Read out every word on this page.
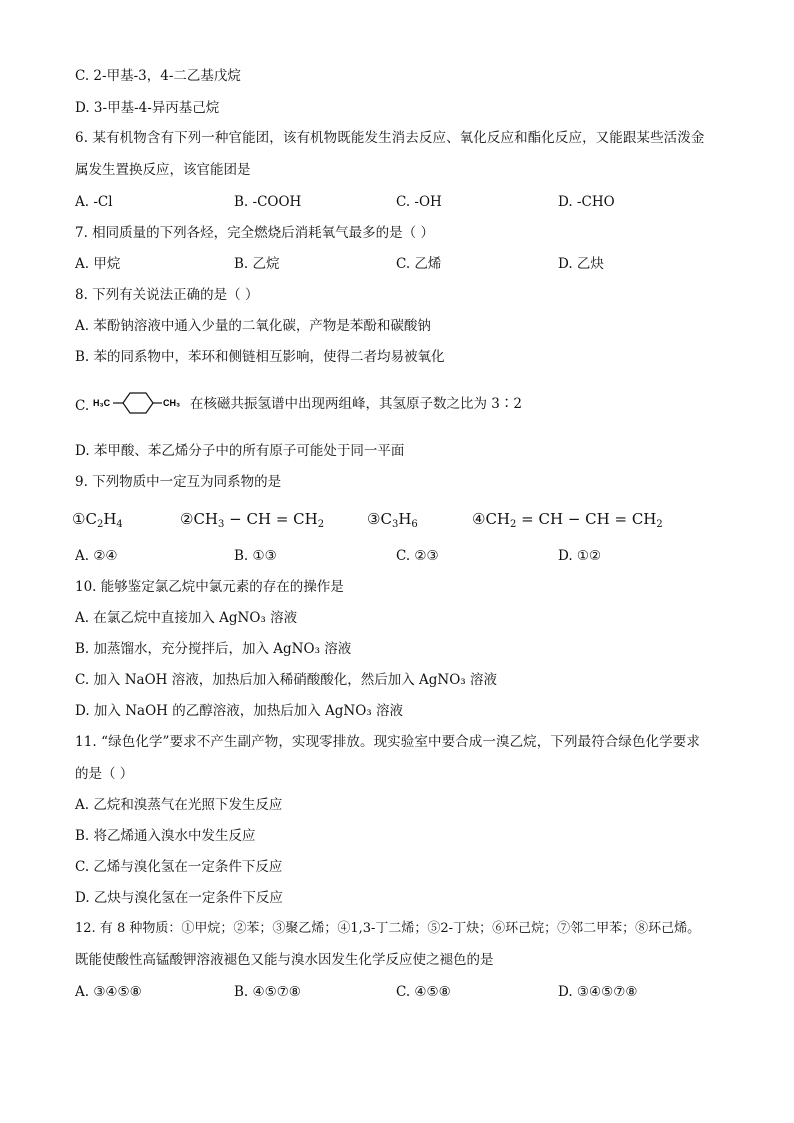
C. 2-甲基-3，4-二乙基戊烷
D. 3-甲基-4-异丙基己烷
6. 某有机物含有下列一种官能团，该有机物既能发生消去反应、氧化反应和酯化反应，又能跟某些活泼金
属发生置换反应，该官能团是
A. -Cl	B. -COOH	C. -OH	D. -CHO
7. 相同质量的下列各烃，完全燃烧后消耗氧气最多的是（ ）
A. 甲烷	B. 乙烷	C. 乙烯	D. 乙炔
8. 下列有关说法正确的是（ ）
A. 苯酚钠溶液中通入少量的二氧化碳，产物是苯酚和碳酸钠
B. 苯的同系物中，苯环和侧链相互影响，使得二者均易被氧化
C. H₃C	CH₃ 在核磁共振氢谱中出现两组峰，其氢原子数之比为 3∶2
D. 苯甲酸、苯乙烯分子中的所有原子可能处于同一平面
9. 下列物质中一定互为同系物的是
$①C_2H_4$	$②CH_3$ − CH = $CH_2$	$③C_3H_6$	$④CH_2$ = CH − CH = $CH_2$
A. ②④	B. ①③	C. ②③	D. ①②
10. 能够鉴定氯乙烷中氯元素的存在的操作是
A. 在氯乙烷中直接加入 AgNO₃ 溶液
B. 加蒸馏水，充分搅拌后，加入 AgNO₃ 溶液
C. 加入 NaOH 溶液，加热后加入稀硝酸酸化，然后加入 AgNO₃ 溶液
D. 加入 NaOH 的乙醇溶液，加热后加入 AgNO₃ 溶液
11. “绿色化学”要求不产生副产物，实现零排放。现实验室中要合成一溴乙烷，下列最符合绿色化学要求
的是（ ）
A. 乙烷和溴蒸气在光照下发生反应
B. 将乙烯通入溴水中发生反应
C. 乙烯与溴化氢在一定条件下反应
D. 乙炔与溴化氢在一定条件下反应
12. 有 8 种物质：①甲烷；②苯；③聚乙烯；④1,3-丁二烯；⑤2-丁炔；⑥环己烷；⑦邻二甲苯；⑧环己烯。
既能使酸性高锰酸钾溶液褪色又能与溴水因发生化学反应使之褪色的是
A. ③④⑤⑧	B. ④⑤⑦⑧	C. ④⑤⑧	D. ③④⑤⑦⑧
